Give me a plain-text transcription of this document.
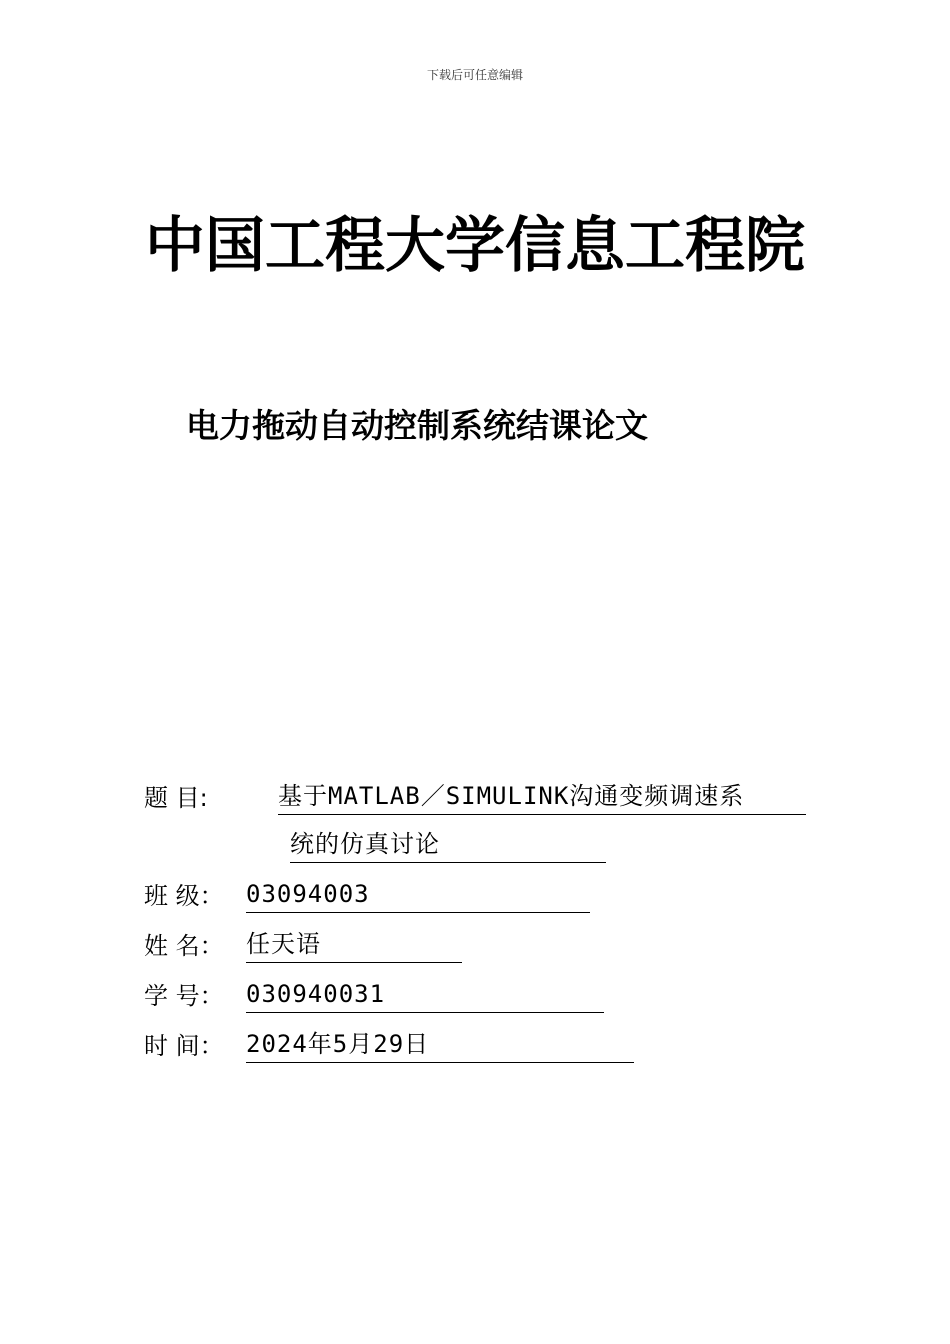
下载后可任意编辑
中国工程大学信息工程院
电力拖动自动控制系统结课论文
题 目:	基于MATLAB／SIMULINK沟通变频调速系
统的仿真讨论
班 级： 03094003
姓 名： 任天语
学 号： 030940031
时 间： 2024年5月29日
